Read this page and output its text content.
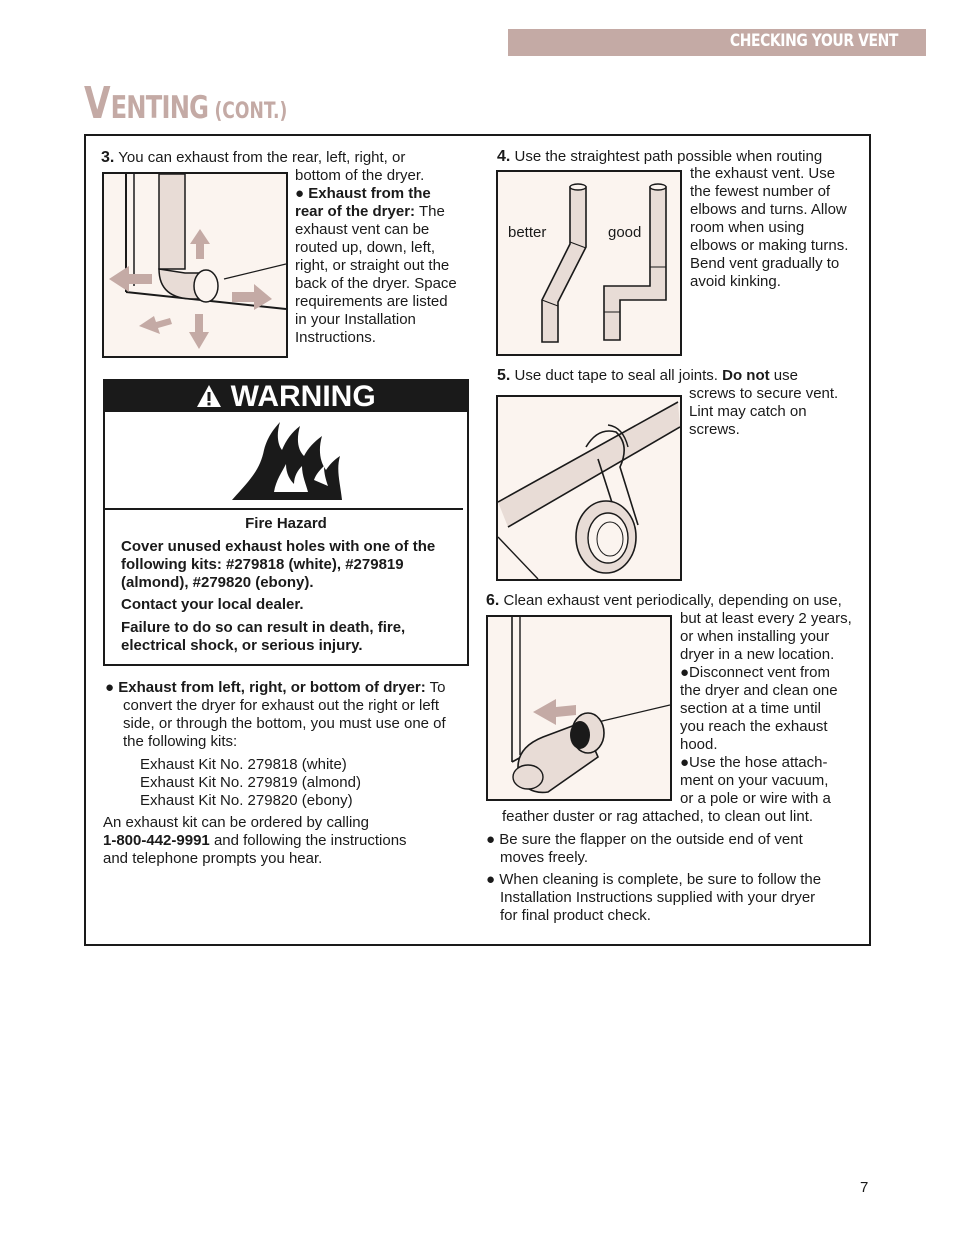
CHECKING YOUR VENT
VENTING (CONT.)
3. You can exhaust from the rear, left, right, or
bottom of the dryer.
● Exhaust from the
rear of the dryer: The
exhaust vent can be
routed up, down, left,
right, or straight out the
back of the dryer. Space
requirements are listed
in your Installation
Instructions.
WARNING
Fire Hazard
Cover unused exhaust holes with one of the
following kits: #279818 (white), #279819
(almond), #279820 (ebony).
Contact your local dealer.
Failure to do so can result in death, fire,
electrical shock, or serious injury.
● Exhaust from left, right, or bottom of dryer: To
convert the dryer for exhaust out the right or left
side, or through the bottom, you must use one of
the following kits:
Exhaust Kit No. 279818 (white)
Exhaust Kit No. 279819 (almond)
Exhaust Kit No. 279820 (ebony)
An exhaust kit can be ordered by calling
1-800-442-9991 and following the instructions
and telephone prompts you hear.
4. Use the straightest path possible when routing
better	good
the exhaust vent. Use
the fewest number of
elbows and turns. Allow
room when using
elbows or making turns.
Bend vent gradually to
avoid kinking.
5. Use duct tape to seal all joints. Do not use
screws to secure vent.
Lint may catch on
screws.
6. Clean exhaust vent periodically, depending on use,
but at least every 2 years,
or when installing your
dryer in a new location.
●Disconnect vent from
the dryer and clean one
section at a time until
you reach the exhaust
hood.
●Use the hose attach-
ment on your vacuum,
or a pole or wire with a
feather duster or rag attached, to clean out lint.
● Be sure the flapper on the outside end of vent
moves freely.
● When cleaning is complete, be sure to follow the
Installation Instructions supplied with your dryer
for final product check.
7
